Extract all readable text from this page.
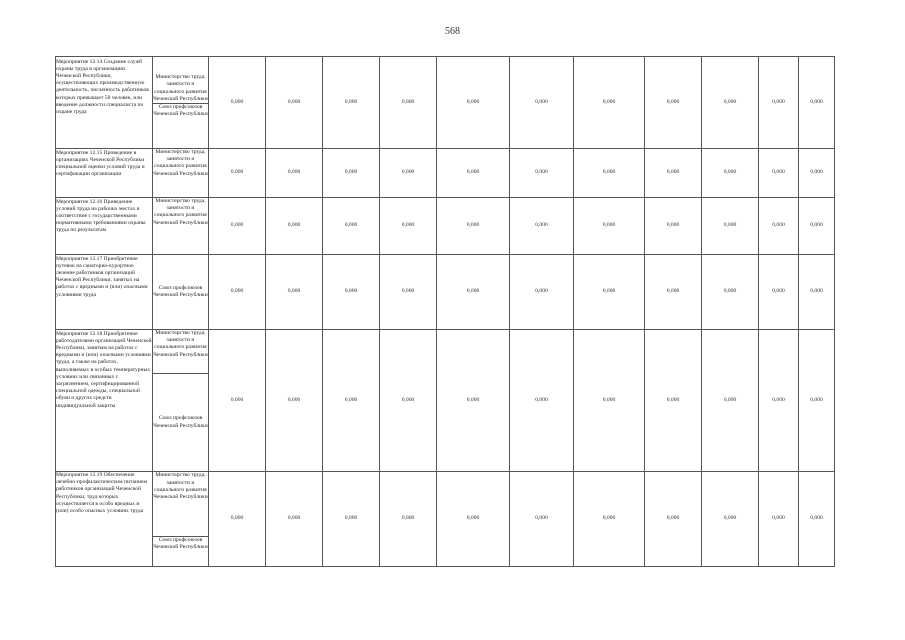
568
Мероприятие 12.14 Создание служб охраны труда в организациях Чеченской Республики, осуществляющих производственную деятельность, численность работников которых превышает 50 человек, или введение должности специалиста по охране труда	Министерство труда, занятости и социального развития Чеченской Республики	0,000	0,000	0,000	0,000	0,000	0,000	0,000	0,000	0,000	0,000	0,000

	Союз профсоюзов Чеченской Республики											

Мероприятие 12.15 Проведение в организациях Чеченской Республики специальной оценки условий труда и сертификации организации	Министерство труда, занятости и социального развития Чеченской Республики	0,000	0,000	0,000	0,000	0,000	0,000	0,000	0,000	0,000	0,000	0,000

Мероприятие 12.16 Приведение условий труда на рабочих местах в соответствие с государственными нормативными требованиями охраны труда по результатам	Министерство труда, занятости и социального развития Чеченской Республики	0,000	0,000	0,000	0,000	0,000	0,000	0,000	0,000	0,000	0,000	0,000

Мероприятие 12.17 Приобретение путевок на санаторно-курортное лечение работников организаций Чеченской Республики, занятых на работах с вредными и (или) опасными условиями труда	Союз профсоюзов Чеченской Республики	0,000	0,000	0,000	0,000	0,000	0,000	0,000	0,000	0,000	0,000	0,000

Мероприятие 12.18 Приобретение работодателями организаций Чеченской Республики, занятым на работах с вредными и (или) опасными условиями труда, а также на работах, выполняемых в особых температурных условиях или связанных с загрязнением, сертифицированной специальной одежды, специальной обуви и других средств индивидуальной защиты	Министерство труда, занятости и социального развития Чеченской Республики	0,000	0,000	0,000	0,000	0,000	0,000	0,000	0,000	0,000	0,000	0,000
	Союз профсоюзов Чеченской Республики											

Мероприятие 12.19 Обеспечение лечебно-профилактическим питанием работников организаций Чеченской Республики, труд которых осуществляется в особо вредных и (или) особо опасных условиях труда	Министерство труда, занятости и социального развития Чеченской Республики	0,000	0,000	0,000	0,000	0,000	0,000	0,000	0,000	0,000	0,000	0,000

	Союз профсоюзов Чеченской Республики											
